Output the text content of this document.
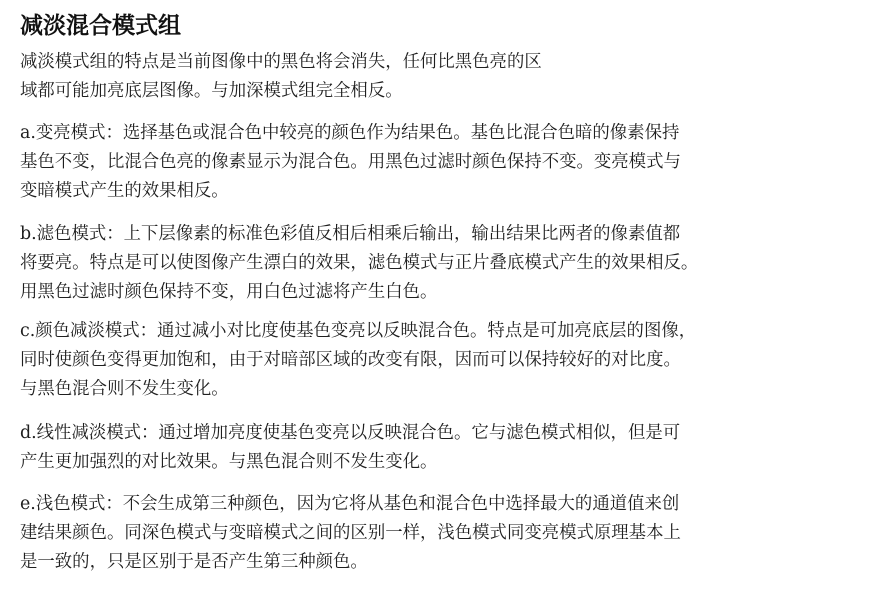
减淡混合模式组

减淡模式组的特点是当前图像中的黑色将会消失，任何比黑色亮的区
域都可能加亮底层图像。与加深模式组完全相反。

a.变亮模式：选择基色或混合色中较亮的颜色作为结果色。基色比混合色暗的像素保持
基色不变，比混合色亮的像素显示为混合色。用黑色过滤时颜色保持不变。变亮模式与
变暗模式产生的效果相反。

b.滤色模式：上下层像素的标准色彩值反相后相乘后输出，输出结果比两者的像素值都
将要亮。特点是可以使图像产生漂白的效果，滤色模式与正片叠底模式产生的效果相反。
用黑色过滤时颜色保持不变，用白色过滤将产生白色。

c.颜色减淡模式：通过减小对比度使基色变亮以反映混合色。特点是可加亮底层的图像，
同时使颜色变得更加饱和，由于对暗部区域的改变有限，因而可以保持较好的对比度。
与黑色混合则不发生变化。

d.线性减淡模式：通过增加亮度使基色变亮以反映混合色。它与滤色模式相似，但是可
产生更加强烈的对比效果。与黑色混合则不发生变化。

e.浅色模式：不会生成第三种颜色，因为它将从基色和混合色中选择最大的通道值来创
建结果颜色。同深色模式与变暗模式之间的区别一样，浅色模式同变亮模式原理基本上
是一致的，只是区别于是否产生第三种颜色。
